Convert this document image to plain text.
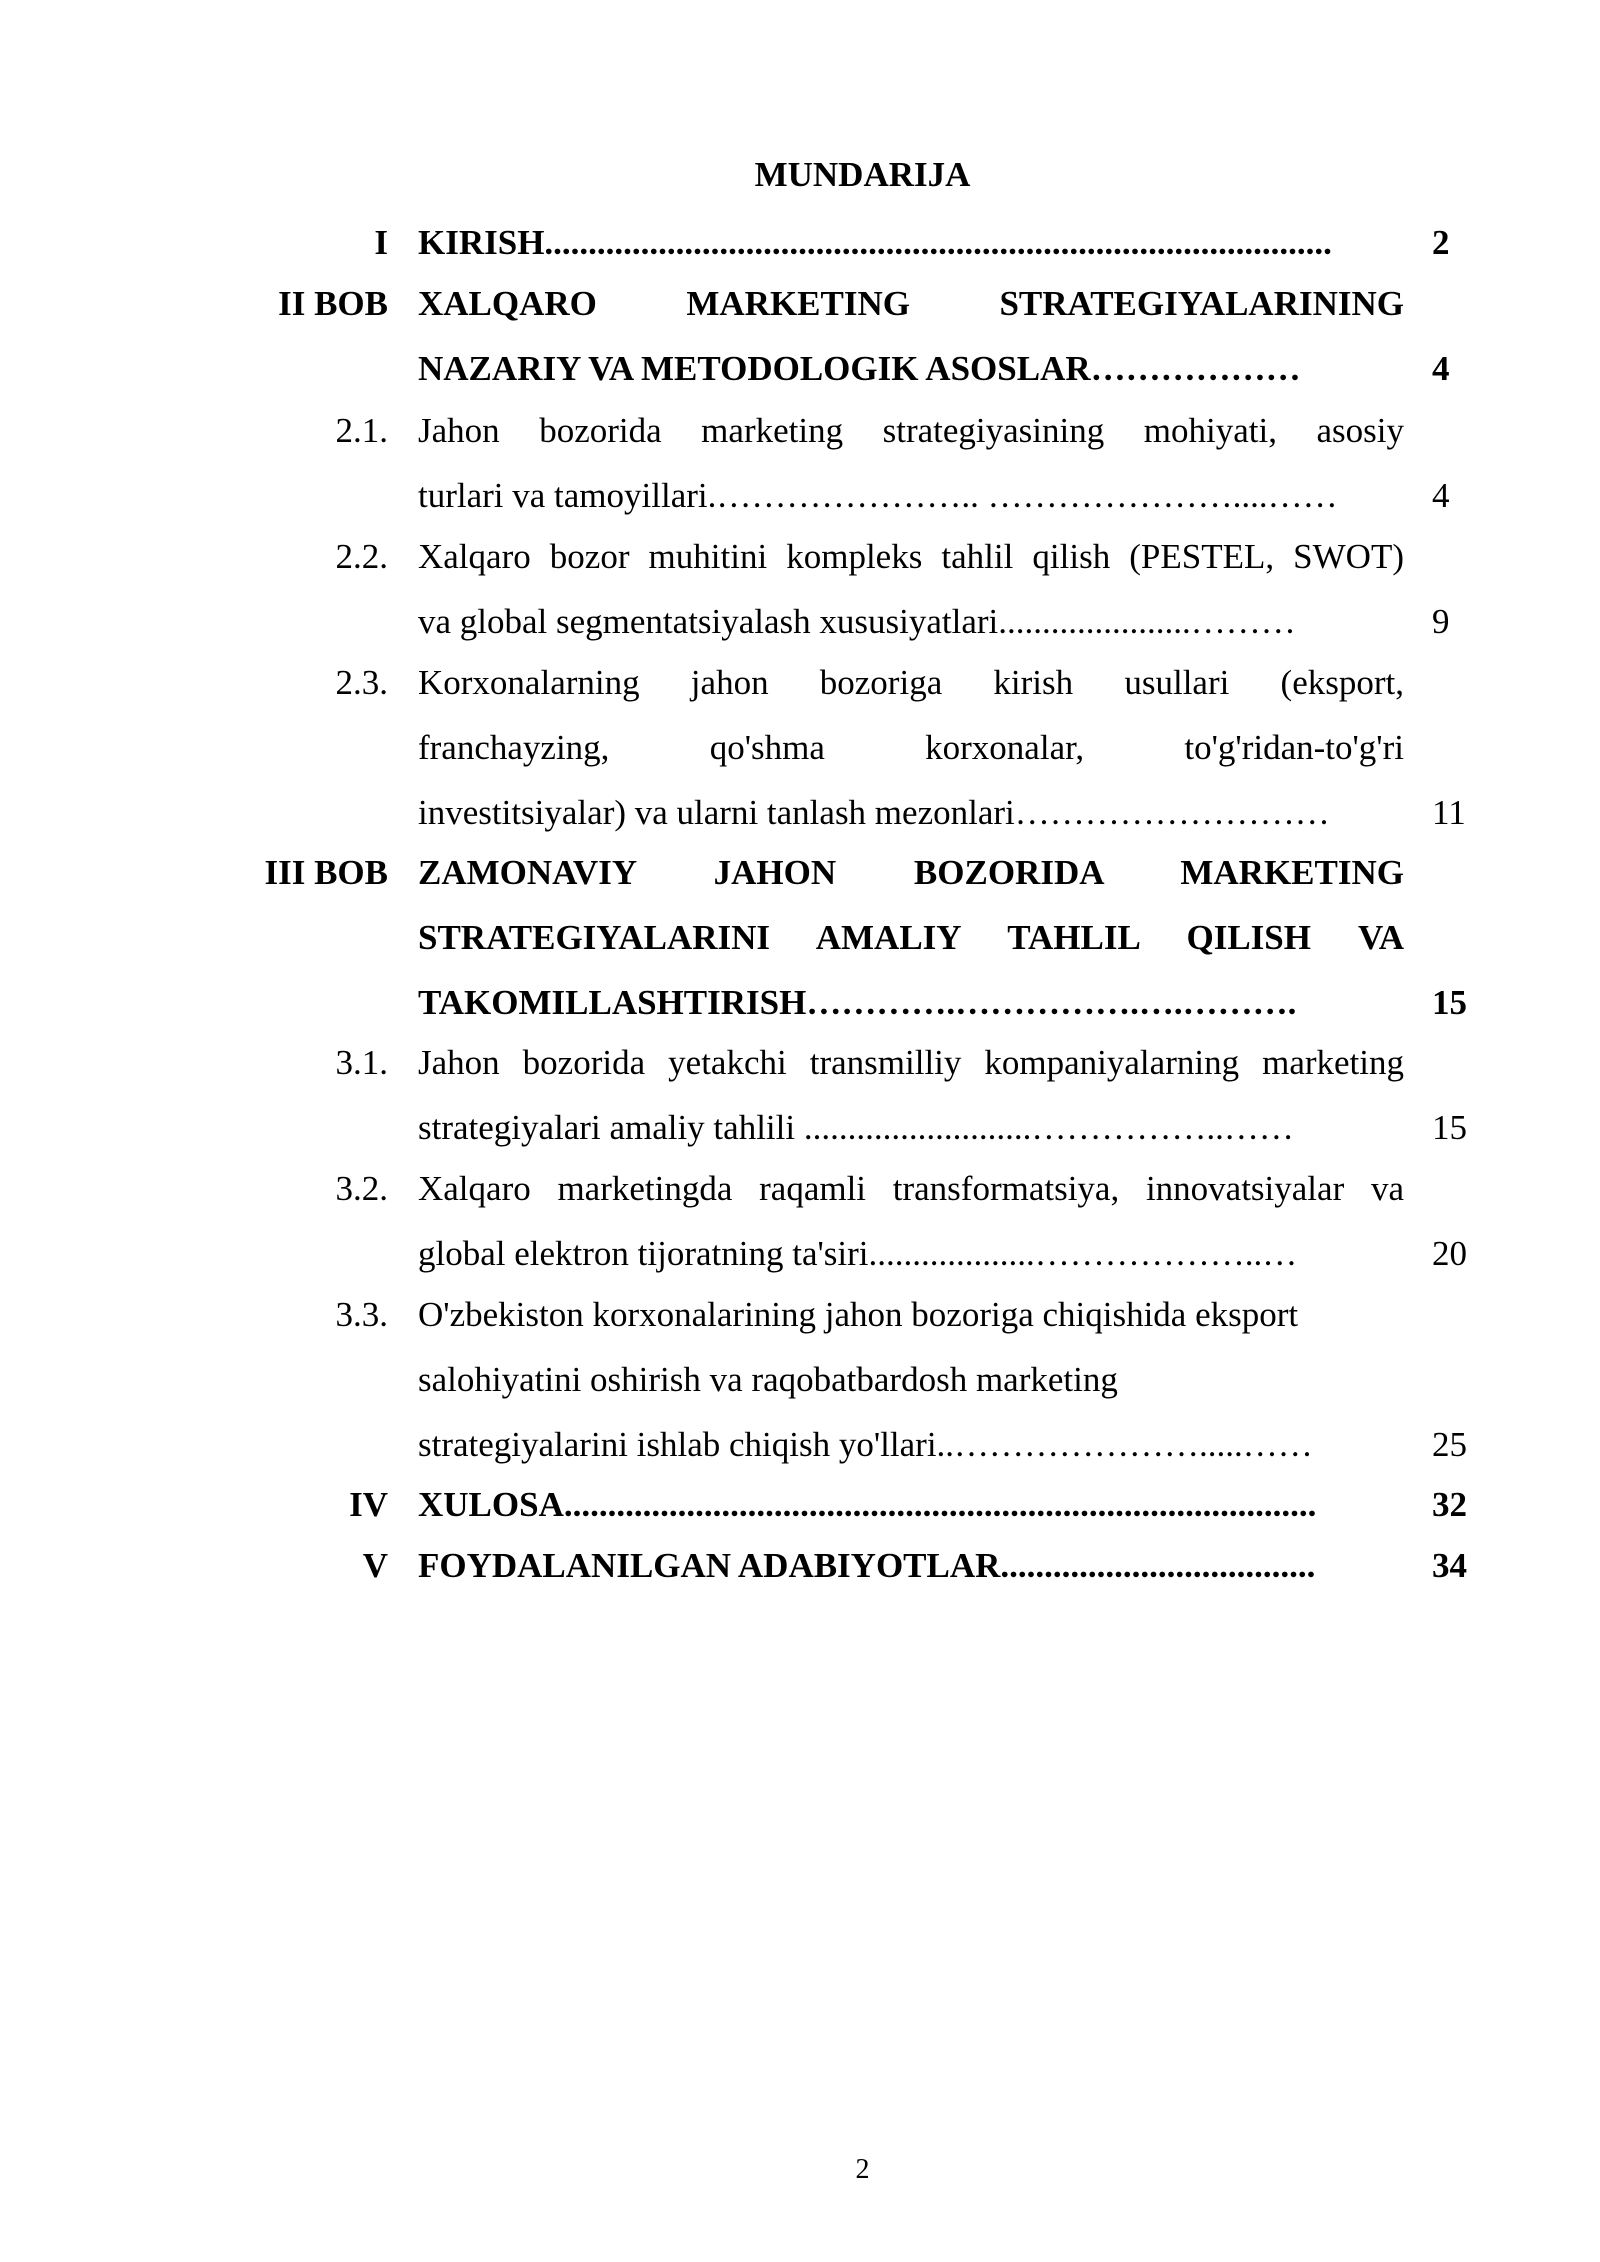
MUNDARIJA
I KIRISH..........................................................................................	2
II BOB XALQARO MARKETING STRATEGIYALARINING
NAZARIY VA METODOLOGIK ASOSLAR………………	4
2.1. Jahon bozorida marketing strategiyasining mohiyati, asosiy
turlari va tamoyillari.………………….. …………………....……	4
2.2. Xalqaro bozor muhitini kompleks tahlil qilish (PESTEL, SWOT)
va global segmentatsiyalash xususiyatlari......................………	9
2.3. Korxonalarning jahon bozoriga kirish usullari (eksport,
franchayzing, qo'shma korxonalar, to'g'ridan-to'g'ri
investitsiyalar) va ularni tanlash mezonlari………………………	11
III BOB ZAMONAVIY JAHON BOZORIDA MARKETING
STRATEGIYALARINI AMALIY TAHLIL QILISH VA
TAKOMILLASHTIRISH………….…………….….……….	15
3.1. Jahon bozorida yetakchi transmilliy kompaniyalarning marketing
strategiyalari amaliy tahlili ..........................……………..……	15
3.2. Xalqaro marketingda raqamli transformatsiya, innovatsiyalar va
global elektron tijoratning ta'siri...................………………..…	20
3.3. O'zbekiston korxonalarining jahon bozoriga chiqishida eksport
salohiyatini oshirish va raqobatbardosh marketing
strategiyalarini ishlab chiqish yo'llari..………………….....……	25
IV XULOSA......................................................................................	32
V FOYDALANILGAN ADABIYOTLAR....................................	34
2
